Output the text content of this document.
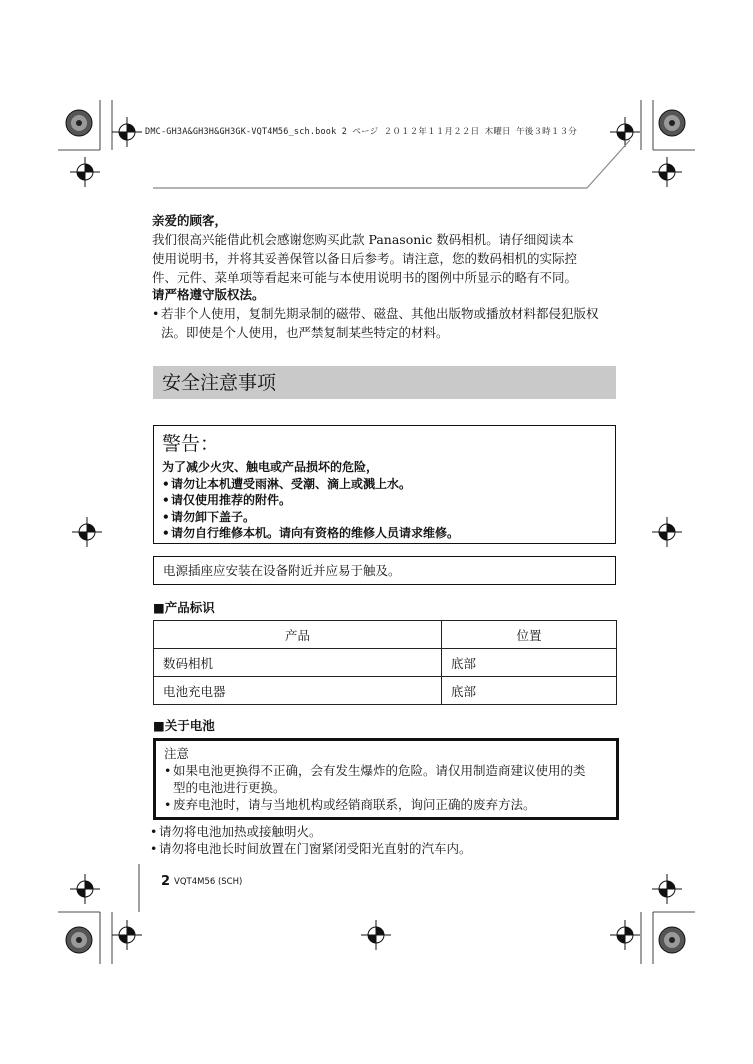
DMC-GH3A&GH3H&GH3GK-VQT4M56_sch.book 2 ページ ２０１２年１１月２２日 木曜日 午後３時１３分
亲爱的顾客，
我们很高兴能借此机会感谢您购买此款 Panasonic 数码相机。请仔细阅读本
使用说明书，并将其妥善保管以备日后参考。请注意，您的数码相机的实际控
件、元件、菜单项等看起来可能与本使用说明书的图例中所显示的略有不同。
请严格遵守版权法。
• 若非个人使用，复制先期录制的磁带、磁盘、其他出版物或播放材料都侵犯版权
法。即使是个人使用，也严禁复制某些特定的材料。
安全注意事项
警告：
为了减少火灾、触电或产品损坏的危险，
• 请勿让本机遭受雨淋、受潮、滴上或溅上水。
• 请仅使用推荐的附件。
• 请勿卸下盖子。
• 请勿自行维修本机。请向有资格的维修人员请求维修。
电源插座应安装在设备附近并应易于触及。
■产品标识
产品	位置
数码相机	底部
电池充电器	底部
■关于电池
注意
• 如果电池更换得不正确，会有发生爆炸的危险。请仅用制造商建议使用的类
型的电池进行更换。
• 废弃电池时，请与当地机构或经销商联系，询问正确的废弃方法。
• 请勿将电池加热或接触明火。
• 请勿将电池长时间放置在门窗紧闭受阳光直射的汽车内。
2 VQT4M56 (SCH)
